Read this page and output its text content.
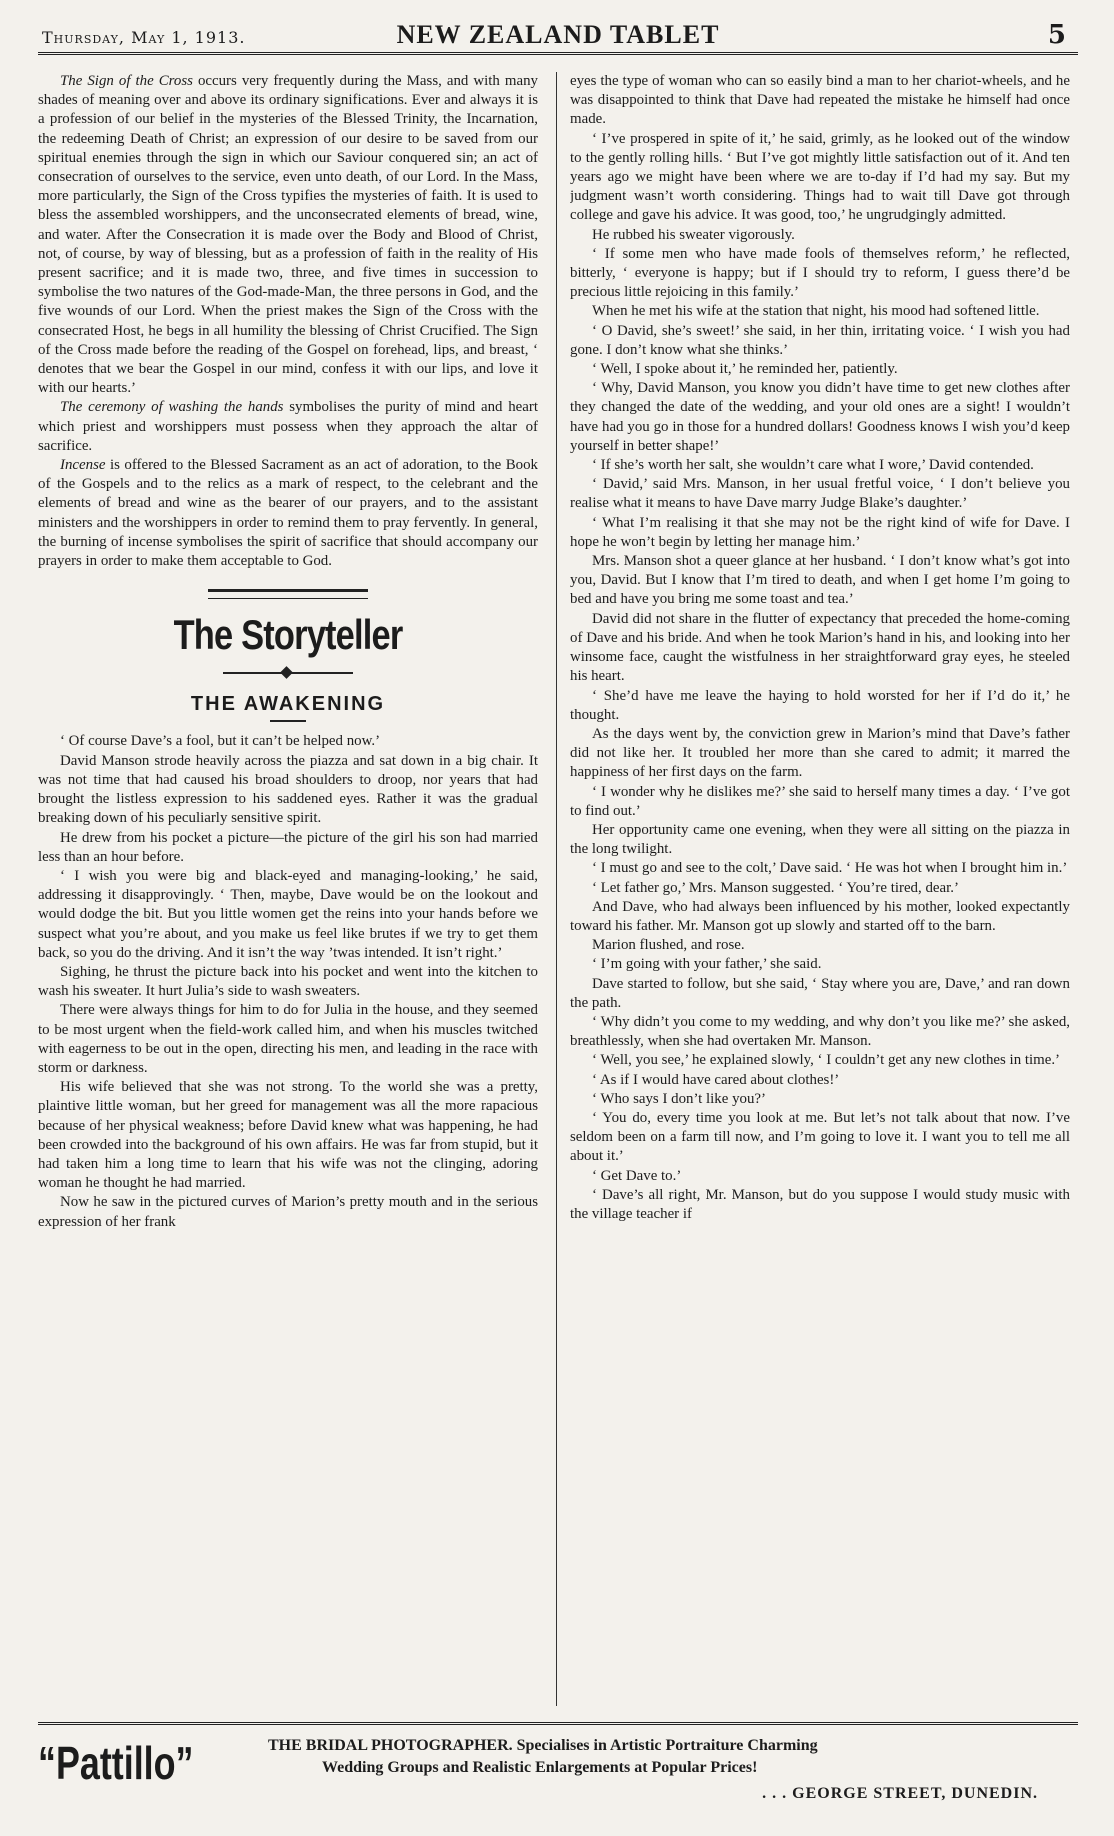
Thursday, May 1, 1913.	NEW ZEALAND TABLET	5

The Sign of the Cross occurs very frequently during the Mass, and with many shades of meaning over and above its ordinary significations. Ever and always it is a profession of our belief in the mysteries of the Blessed Trinity, the Incarnation, the redeeming Death of Christ; an expression of our desire to be saved from our spiritual enemies through the sign in which our Saviour conquered sin; an act of consecration of ourselves to the service, even unto death, of our Lord. In the Mass, more particularly, the Sign of the Cross typifies the mysteries of faith. It is used to bless the assembled worshippers, and the unconsecrated elements of bread, wine, and water. After the Consecration it is made over the Body and Blood of Christ, not, of course, by way of blessing, but as a profession of faith in the reality of His present sacrifice; and it is made two, three, and five times in succession to symbolise the two natures of the God-made-Man, the three persons in God, and the five wounds of our Lord. When the priest makes the Sign of the Cross with the consecrated Host, he begs in all humility the blessing of Christ Crucified. The Sign of the Cross made before the reading of the Gospel on forehead, lips, and breast, ‘ denotes that we bear the Gospel in our mind, confess it with our lips, and love it with our hearts.’

The ceremony of washing the hands symbolises the purity of mind and heart which priest and worshippers must possess when they approach the altar of sacrifice.

Incense is offered to the Blessed Sacrament as an act of adoration, to the Book of the Gospels and to the relics as a mark of respect, to the celebrant and the elements of bread and wine as the bearer of our prayers, and to the assistant ministers and the worshippers in order to remind them to pray fervently. In general, the burning of incense symbolises the spirit of sacrifice that should accompany our prayers in order to make them acceptable to God.

The Storyteller
THE AWAKENING

‘ Of course Dave’s a fool, but it can’t be helped now.’

David Manson strode heavily across the piazza and sat down in a big chair. It was not time that had caused his broad shoulders to droop, nor years that had brought the listless expression to his saddened eyes. Rather it was the gradual breaking down of his peculiarly sensitive spirit.

He drew from his pocket a picture—the picture of the girl his son had married less than an hour before.

‘ I wish you were big and black-eyed and managing-looking,’ he said, addressing it disapprovingly. ‘ Then, maybe, Dave would be on the lookout and would dodge the bit. But you little women get the reins into your hands before we suspect what you’re about, and you make us feel like brutes if we try to get them back, so you do the driving. And it isn’t the way ’twas intended. It isn’t right.’

Sighing, he thrust the picture back into his pocket and went into the kitchen to wash his sweater. It hurt Julia’s side to wash sweaters.

There were always things for him to do for Julia in the house, and they seemed to be most urgent when the field-work called him, and when his muscles twitched with eagerness to be out in the open, directing his men, and leading in the race with storm or darkness.

His wife believed that she was not strong. To the world she was a pretty, plaintive little woman, but her greed for management was all the more rapacious because of her physical weakness; before David knew what was happening, he had been crowded into the background of his own affairs. He was far from stupid, but it had taken him a long time to learn that his wife was not the clinging, adoring woman he thought he had married.

Now he saw in the pictured curves of Marion’s pretty mouth and in the serious expression of her frank

eyes the type of woman who can so easily bind a man to her chariot-wheels, and he was disappointed to think that Dave had repeated the mistake he himself had once made.

‘ I’ve prospered in spite of it,’ he said, grimly, as he looked out of the window to the gently rolling hills. ‘ But I’ve got mightly little satisfaction out of it. And ten years ago we might have been where we are to-day if I’d had my say. But my judgment wasn’t worth considering. Things had to wait till Dave got through college and gave his advice. It was good, too,’ he ungrudgingly admitted.

He rubbed his sweater vigorously.

‘ If some men who have made fools of themselves reform,’ he reflected, bitterly, ‘ everyone is happy; but if I should try to reform, I guess there’d be precious little rejoicing in this family.’

When he met his wife at the station that night, his mood had softened little.

‘ O David, she’s sweet!’ she said, in her thin, irritating voice. ‘ I wish you had gone. I don’t know what she thinks.’

‘ Well, I spoke about it,’ he reminded her, patiently.

‘ Why, David Manson, you know you didn’t have time to get new clothes after they changed the date of the wedding, and your old ones are a sight! I wouldn’t have had you go in those for a hundred dollars! Goodness knows I wish you’d keep yourself in better shape!’

‘ If she’s worth her salt, she wouldn’t care what I wore,’ David contended.

‘ David,’ said Mrs. Manson, in her usual fretful voice, ‘ I don’t believe you realise what it means to have Dave marry Judge Blake’s daughter.’

‘ What I’m realising it that she may not be the right kind of wife for Dave. I hope he won’t begin by letting her manage him.’

Mrs. Manson shot a queer glance at her husband. ‘ I don’t know what’s got into you, David. But I know that I’m tired to death, and when I get home I’m going to bed and have you bring me some toast and tea.’

David did not share in the flutter of expectancy that preceded the home-coming of Dave and his bride. And when he took Marion’s hand in his, and looking into her winsome face, caught the wistfulness in her straightforward gray eyes, he steeled his heart.

‘ She’d have me leave the haying to hold worsted for her if I’d do it,’ he thought.

As the days went by, the conviction grew in Marion’s mind that Dave’s father did not like her. It troubled her more than she cared to admit; it marred the happiness of her first days on the farm.

‘ I wonder why he dislikes me?’ she said to herself many times a day. ‘ I’ve got to find out.’

Her opportunity came one evening, when they were all sitting on the piazza in the long twilight.

‘ I must go and see to the colt,’ Dave said. ‘ He was hot when I brought him in.’

‘ Let father go,’ Mrs. Manson suggested. ‘ You’re tired, dear.’

And Dave, who had always been influenced by his mother, looked expectantly toward his father. Mr. Manson got up slowly and started off to the barn.

Marion flushed, and rose.

‘ I’m going with your father,’ she said.

Dave started to follow, but she said, ‘ Stay where you are, Dave,’ and ran down the path.

‘ Why didn’t you come to my wedding, and why don’t you like me?’ she asked, breathlessly, when she had overtaken Mr. Manson.

‘ Well, you see,’ he explained slowly, ‘ I couldn’t get any new clothes in time.’

‘ As if I would have cared about clothes!’

‘ Who says I don’t like you?’

‘ You do, every time you look at me. But let’s not talk about that now. I’ve seldom been on a farm till now, and I’m going to love it. I want you to tell me all about it.’

‘ Get Dave to.’

‘ Dave’s all right, Mr. Manson, but do you suppose I would study music with the village teacher if

“Pattillo”	THE BRIDAL PHOTOGRAPHER. Specialises in Artistic Portraiture Charming
Wedding Groups and Realistic Enlargements at Popular Prices!
. . . GEORGE STREET, DUNEDIN.
